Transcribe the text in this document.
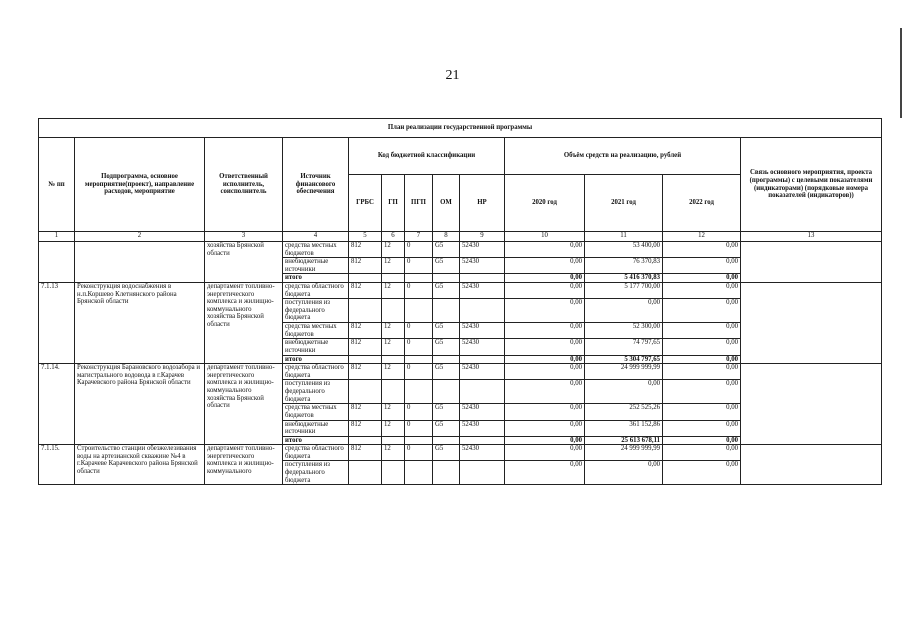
21
План реализации государственной программы												
№ пп	Подпрограмма, основное мероприятие(проект), направление расходов, мероприятие	Ответственный исполнитель, соисполнитель	Источник финансового обеспечения	Код бюджетной классификации					Объём средств на реализацию, рублей			Связь основного мероприятия, проекта (программы) с целевыми показателями (индикаторами) (порядковые номера показателей (индикаторов))
				ГРБС	ГП	ПГП	ОМ	НР	2020 год	2021 год	2022 год	
1	2	3	4	5	6	7	8	9	10	11	12	13
		хозяйства Брянской области	средства местных бюджетов	812	12	0	G5	52430	0,00	53 400,00	0,00	
			внебюджетные источники	812	12	0	G5	52430	0,00	76 370,83	0,00	
			итого						0,00	5 416 370,83	0,00	
7.1.13	Реконструкция водоснабжения в н.п.Коршево Клетнянского района Брянской области	департамент топливно-энергетического комплекса и жилищно-коммунального хозяйства Брянской области	средства областного бюджета	812	12	0	G5	52430	0,00	5 177 700,00	0,00	
			поступления из федерального бюджета						0,00	0,00	0,00	
			средства местных бюджетов	812	12	0	G5	52430	0,00	52 300,00	0,00	
			внебюджетные источники	812	12	0	G5	52430	0,00	74 797,65	0,00	
			итого						0,00	5 304 797,65	0,00	
7.1.14.	Реконструкция Барановского водозабора и магистрального водовода в г.Карачев Карачевского района Брянской области	департамент топливно-энергетического комплекса и жилищно-коммунального хозяйства Брянской области	средства областного бюджета	812	12	0	G5	52430	0,00	24 999 999,99	0,00	
			поступления из федерального бюджета						0,00	0,00	0,00	
			средства местных бюджетов	812	12	0	G5	52430	0,00	252 525,26	0,00	
			внебюджетные источники	812	12	0	G5	52430	0,00	361 152,86	0,00	
			итого						0,00	25 613 678,11	0,00	
7.1.15.	Строительство станции обезжелезивания воды на артезианской скважине №4 в г.Карачеве Карачевского района Брянской области	департамент топливно-энергетического комплекса и жилищно-коммунального	средства областного бюджета	812	12	0	G5	52430	0,00	24 999 999,99	0,00	
			поступления из федерального бюджета						0,00	0,00	0,00	
